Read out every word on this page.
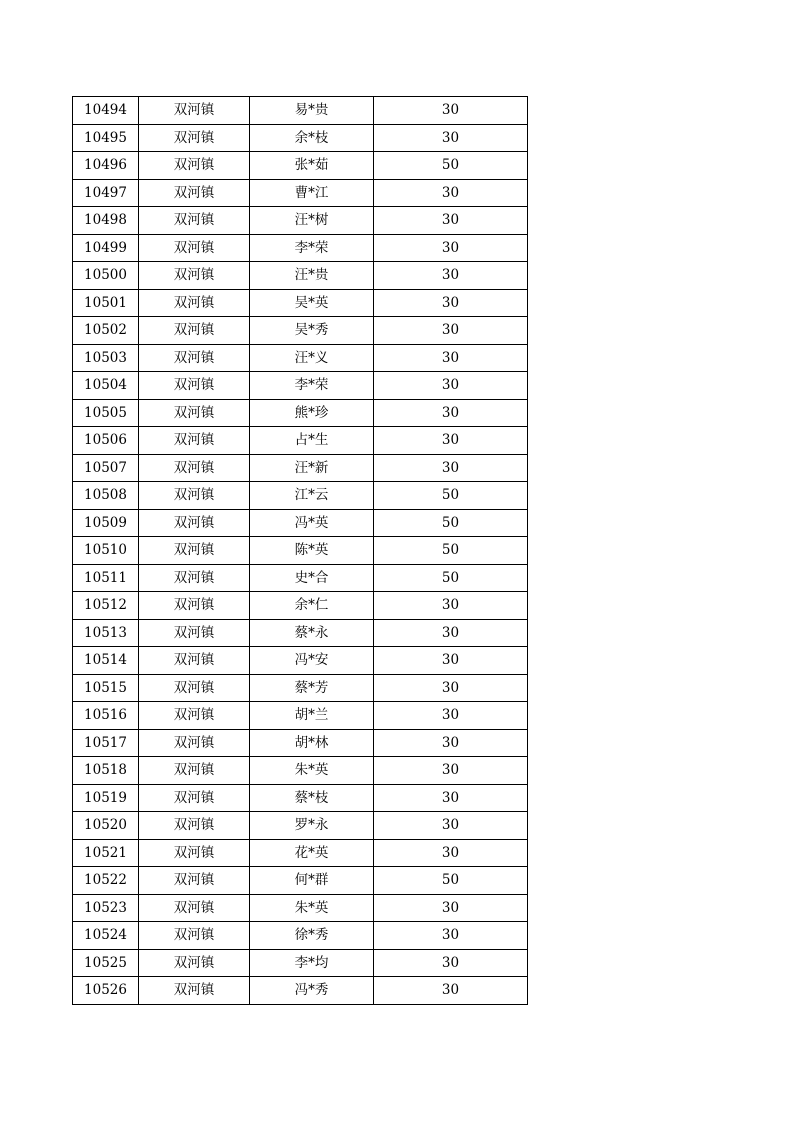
10494	双河镇	易*贵	30
10495	双河镇	余*枝	30
10496	双河镇	张*茹	50
10497	双河镇	曹*江	30
10498	双河镇	汪*树	30
10499	双河镇	李*荣	30
10500	双河镇	汪*贵	30
10501	双河镇	吴*英	30
10502	双河镇	吴*秀	30
10503	双河镇	汪*义	30
10504	双河镇	李*荣	30
10505	双河镇	熊*珍	30
10506	双河镇	占*生	30
10507	双河镇	汪*新	30
10508	双河镇	江*云	50
10509	双河镇	冯*英	50
10510	双河镇	陈*英	50
10511	双河镇	史*合	50
10512	双河镇	余*仁	30
10513	双河镇	蔡*永	30
10514	双河镇	冯*安	30
10515	双河镇	蔡*芳	30
10516	双河镇	胡*兰	30
10517	双河镇	胡*林	30
10518	双河镇	朱*英	30
10519	双河镇	蔡*枝	30
10520	双河镇	罗*永	30
10521	双河镇	花*英	30
10522	双河镇	何*群	50
10523	双河镇	朱*英	30
10524	双河镇	徐*秀	30
10525	双河镇	李*均	30
10526	双河镇	冯*秀	30
